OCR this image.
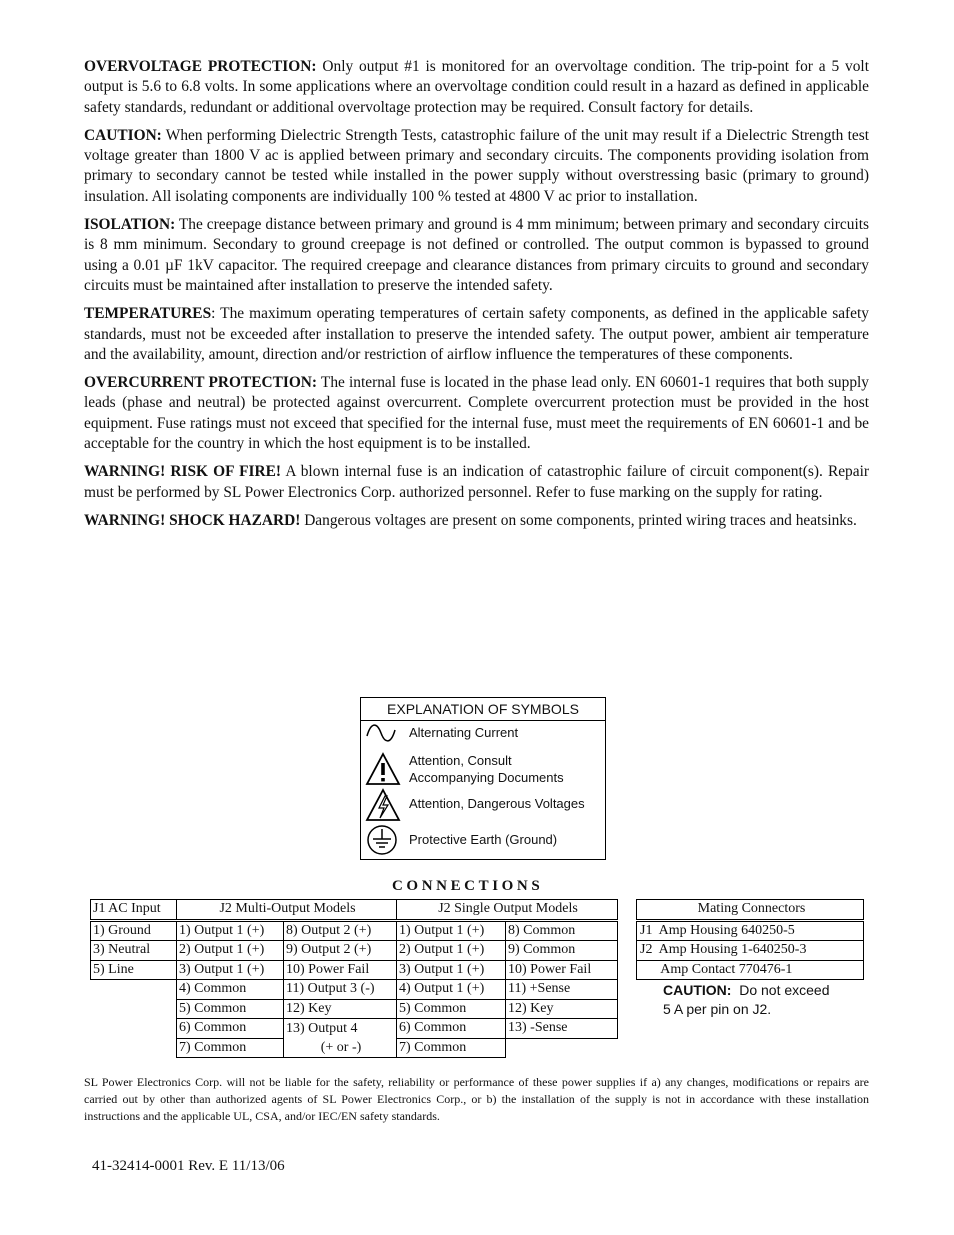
OVERVOLTAGE PROTECTION: Only output #1 is monitored for an overvoltage condition. The trip-point for a 5 volt output is 5.6 to 6.8 volts. In some applications where an overvoltage condition could result in a hazard as defined in applicable safety standards, redundant or additional overvoltage protection may be required. Consult factory for details.

CAUTION: When performing Dielectric Strength Tests, catastrophic failure of the unit may result if a Dielectric Strength test voltage greater than 1800 V ac is applied between primary and secondary circuits. The components providing isolation from primary to secondary cannot be tested while installed in the power supply without overstressing basic (primary to ground) insulation. All isolating components are individually 100 % tested at 4800 V ac prior to installation.

ISOLATION: The creepage distance between primary and ground is 4 mm minimum; between primary and secondary circuits is 8 mm minimum. Secondary to ground creepage is not defined or controlled. The output common is bypassed to ground using a 0.01 µF 1kV capacitor. The required creepage and clearance distances from primary circuits to ground and secondary circuits must be maintained after installation to preserve the intended safety.

TEMPERATURES: The maximum operating temperatures of certain safety components, as defined in the applicable safety standards, must not be exceeded after installation to preserve the intended safety. The output power, ambient air temperature and the availability, amount, direction and/or restriction of airflow influence the temperatures of these components.

OVERCURRENT PROTECTION: The internal fuse is located in the phase lead only. EN 60601-1 requires that both supply leads (phase and neutral) be protected against overcurrent. Complete overcurrent protection must be provided in the host equipment. Fuse ratings must not exceed that specified for the internal fuse, must meet the requirements of EN 60601-1 and be acceptable for the country in which the host equipment is to be installed.

WARNING! RISK OF FIRE! A blown internal fuse is an indication of catastrophic failure of circuit component(s). Repair must be performed by SL Power Electronics Corp. authorized personnel. Refer to fuse marking on the supply for rating.

WARNING! SHOCK HAZARD! Dangerous voltages are present on some components, printed wiring traces and heatsinks.

EXPLANATION OF SYMBOLS
Alternating Current
Attention, Consult Accompanying Documents
Attention, Dangerous Voltages
Protective Earth (Ground)
CONNECTIONS
J1 AC Input	J2 Multi-Output Models		J2 Single Output Models	
1) Ground	1) Output 1 (+)	8) Output 2 (+)	1) Output 1 (+)	8) Common
3) Neutral	2) Output 1 (+)	9) Output 2 (+)	2) Output 1 (+)	9) Common
5) Line	3) Output 1 (+)	10) Power Fail	3) Output 1 (+)	10) Power Fail
	4) Common	11) Output 3 (-)	4) Output 1 (+)	11) +Sense
	5) Common	12) Key	5) Common	12) Key
	6) Common	13) Output 4	6) Common	13) -Sense
	7) Common	(+ or -)	7) Common	
Mating Connectors
J1  Amp Housing 640250-5
J2  Amp Housing 1-640250-3
Amp Contact 770476-1
CAUTION:  Do not exceed
5 A per pin on J2.
SL Power Electronics Corp. will not be liable for the safety, reliability or performance of these power supplies if a) any changes, modifications or repairs are carried out by other than authorized agents of SL Power Electronics Corp., or b) the installation of the supply is not in accordance with these installation instructions and the applicable UL, CSA, and/or IEC/EN safety standards.
41-32414-0001 Rev. E 11/13/06
